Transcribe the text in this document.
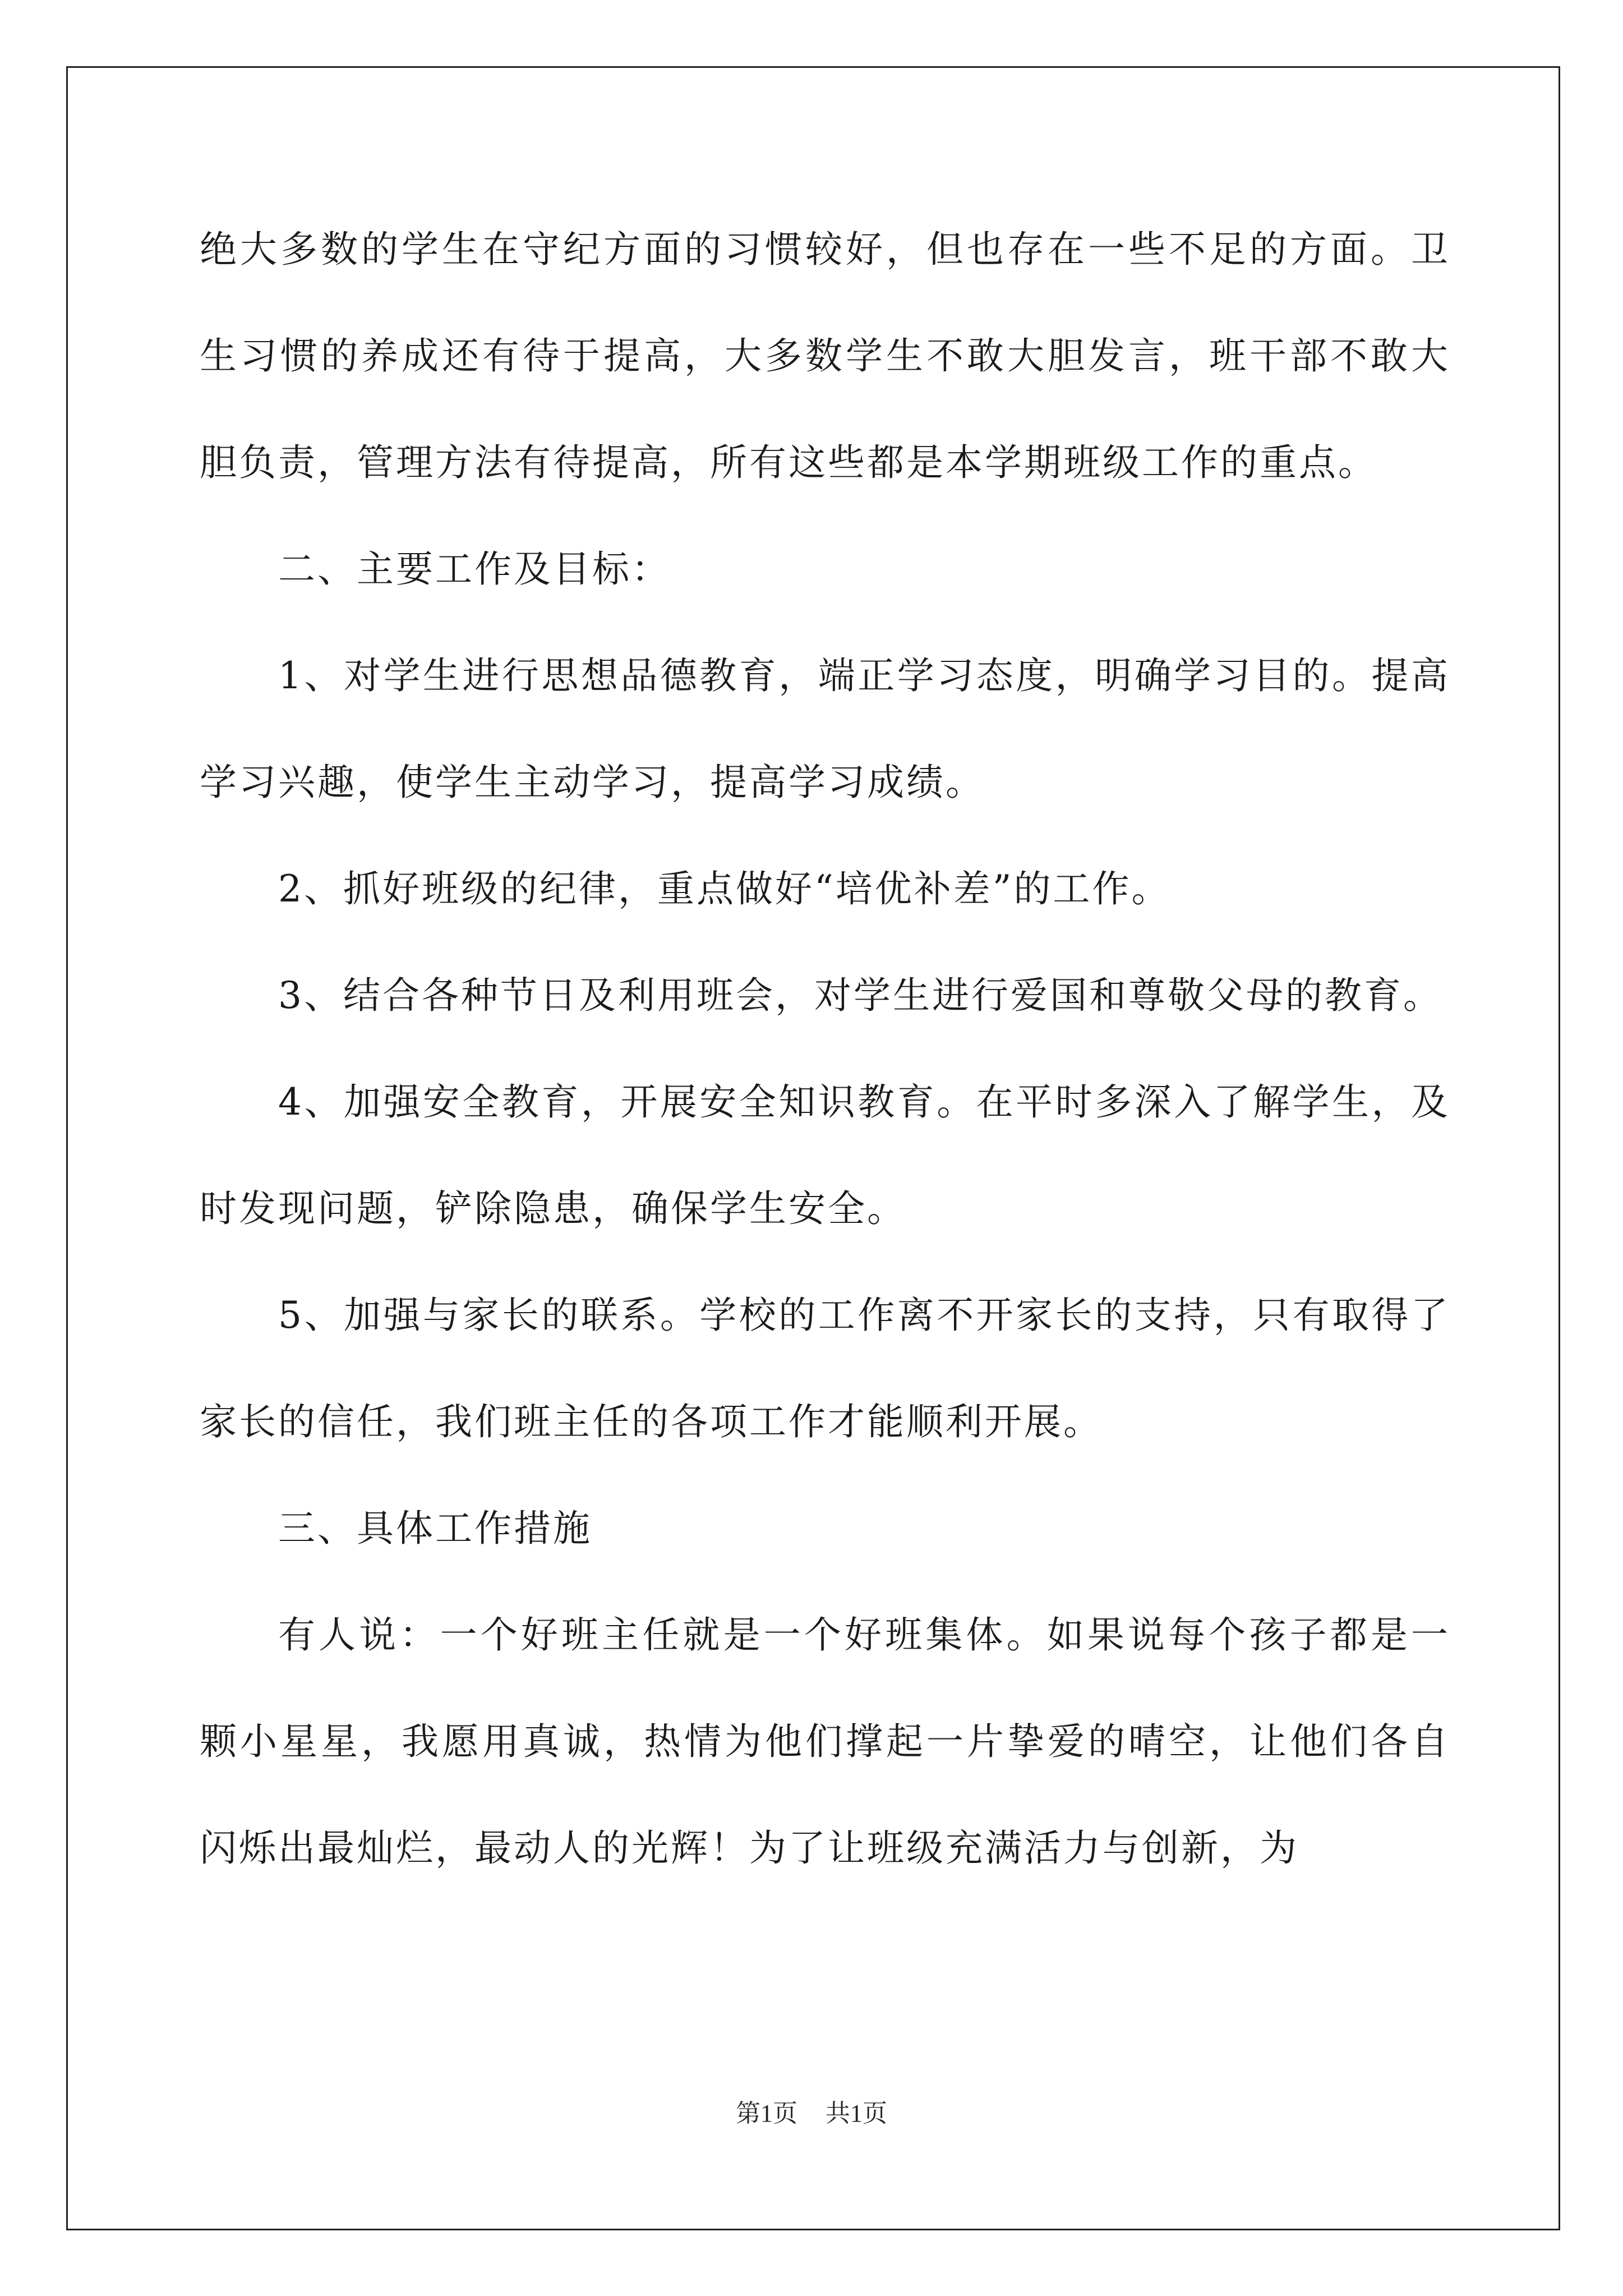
绝大多数的学生在守纪方面的习惯较好，但也存在一些不足的方面。卫生习惯的养成还有待于提高，大多数学生不敢大胆发言，班干部不敢大胆负责，管理方法有待提高，所有这些都是本学期班级工作的重点。

二、主要工作及目标：

1、对学生进行思想品德教育，端正学习态度，明确学习目的。提高学习兴趣，使学生主动学习，提高学习成绩。

2、抓好班级的纪律，重点做好“培优补差”的工作。

3、结合各种节日及利用班会，对学生进行爱国和尊敬父母的教育。

4、加强安全教育，开展安全知识教育。在平时多深入了解学生，及时发现问题，铲除隐患，确保学生安全。

5、加强与家长的联系。学校的工作离不开家长的支持，只有取得了家长的信任，我们班主任的各项工作才能顺利开展。

三、具体工作措施

有人说：一个好班主任就是一个好班集体。如果说每个孩子都是一颗小星星，我愿用真诚，热情为他们撑起一片挚爱的晴空，让他们各自闪烁出最灿烂，最动人的光辉！为了让班级充满活力与创新，为

第1页 共1页
